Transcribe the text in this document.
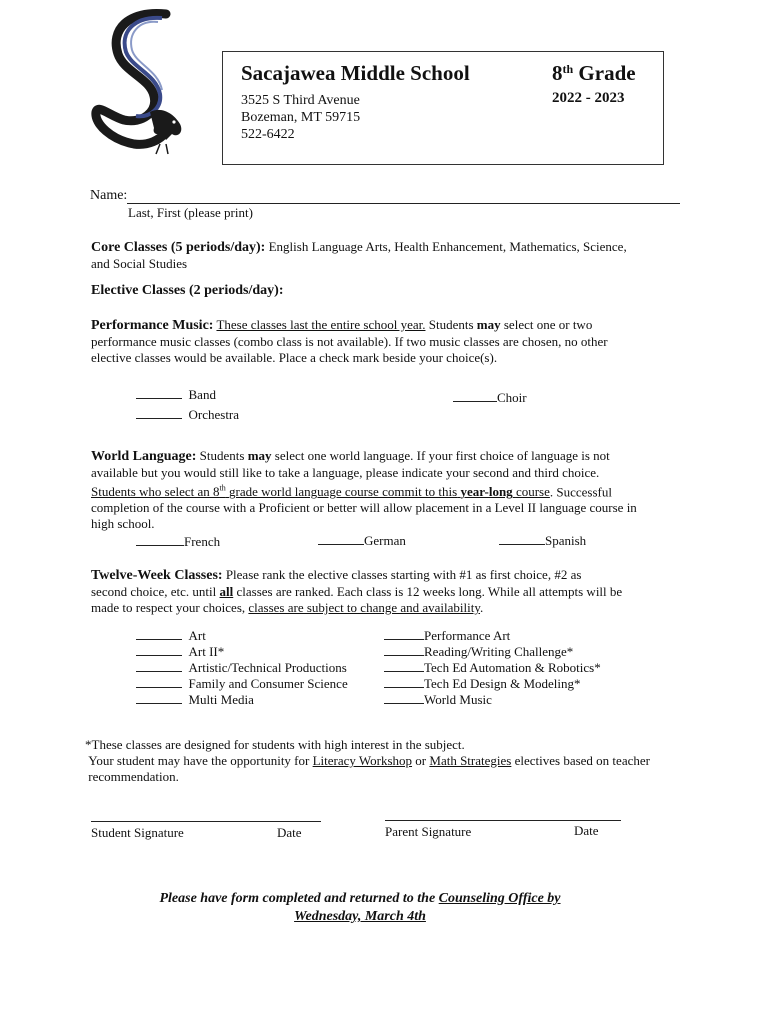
Sacajawea Middle School	8th Grade
2022 - 2023
3525 S Third Avenue
Bozeman, MT 59715
522-6422
Name:
Last, First (please print)
Core Classes (5 periods/day): English Language Arts, Health Enhancement, Mathematics, Science,
and Social Studies
Elective Classes (2 periods/day):
Performance Music: These classes last the entire school year. Students may select one or two
performance music classes (combo class is not available). If two music classes are chosen, no other
elective classes would be available. Place a check mark beside your choice(s).
Band
Orchestra
Choir
World Language: Students may select one world language. If your first choice of language is not
available but you would still like to take a language, please indicate your second and third choice.
Students who select an 8th grade world language course commit to this year-long course. Successful
completion of the course with a Proficient or better will allow placement in a Level II language course in
high school.
French	German	Spanish
Twelve-Week Classes: Please rank the elective classes starting with #1 as first choice, #2 as
second choice, etc. until all classes are ranked. Each class is 12 weeks long. While all attempts will be
made to respect your choices, classes are subject to change and availability.
Art
Art II*
Artistic/Technical Productions
Family and Consumer Science
Multi Media
Performance Art
Reading/Writing Challenge*
Tech Ed Automation & Robotics*
Tech Ed Design & Modeling*
World Music
*These classes are designed for students with high interest in the subject.
Your student may have the opportunity for Literacy Workshop or Math Strategies electives based on teacher
recommendation.
Student Signature	Date	Parent Signature	Date
Please have form completed and returned to the Counseling Office by
Wednesday, March 4th
